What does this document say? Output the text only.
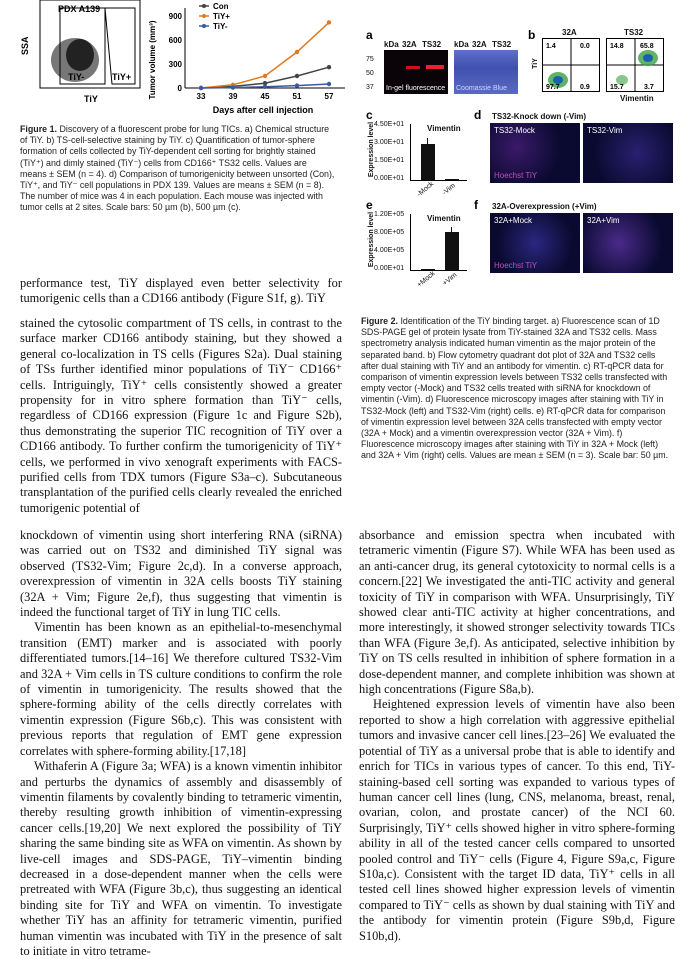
PDX A139
TiY-	TiY+
SSA
TiY	Tumor volume (mm³)	0
300
600
900
33	39	45	51	57
Con
TiY+
TiY-
Days after cell injection
Figure 1. Discovery of a fluorescent probe for lung TICs. a) Chemical structure of TiY. b) TS-cell-selective staining by TiY. c) Quantification of tumor-sphere formation of cells collected by TiY-dependent cell sorting for brightly stained (TiY⁺) and dimly stained (TiY⁻) cells from CD166⁺ TS32 cells. Values are means ± SEM (n = 4). d) Comparison of tumorigenicity between unsorted (Con), TiY⁺, and TiY⁻ cell populations in PDX 139. Values are means ± SEM (n = 8). The number of mice was 4 in each population. Each mouse was injected with tumor cells at 2 sites. Scale bars: 50 µm (b), 500 µm (c).
a
kDa 32A TS32 kDa 32A TS32
75
50
37 In-gel fluorescence Coomassie Blue
b	32A	TS32
TiY
1.4	0.0
97.7	0.9
14.8 65.8
15.7	3.7
Vimentin
c
Expression level
4.50E+01
3.00E+01
1.50E+01
0.00E+01
Vimentin
-Mock -Vim
d TS32-Knock down (-Vim)
TS32-Mock
Hoechst TiY
TS32-Vim
e
Expression level
1.20E+05
8.00E+05
4.00E+05
0.00E+01
Vimentin
+Mock +Vim
f 32A-Overexpression (+Vim)
32A+Mock
Hoechst TiY
32A+Vim
Figure 2. Identification of the TiY binding target. a) Fluorescence scan of 1D SDS-PAGE gel of protein lysate from TiY-stained 32A and TS32 cells. Mass spectrometry analysis indicated human vimentin as the major protein of the separated band. b) Flow cytometry quadrant dot plot of 32A and TS32 cells after dual staining with TiY and an antibody for vimentin. c) RT-qPCR data for comparison of vimentin expression levels between TS32 cells transfected with empty vector (-Mock) and TS32 cells treated with siRNA for knockdown of vimentin (-Vim). d) Fluorescence microscopy images after staining with TiY in TS32-Mock (left) and TS32-Vim (right) cells. e) RT-qPCR data for comparison of vimentin expression level between 32A cells transfected with empty vector (32A + Mock) and a vimentin overexpression vector (32A + Vim). f) Fluorescence microscopy images after staining with TiY in 32A + Mock (left) and 32A + Vim (right) cells. Values are mean ± SEM (n = 3). Scale bar: 50 µm.

performance test, TiY displayed even better selectivity for tumorigenic cells than a CD166 antibody (Figure S1f, g). TiY

stained the cytosolic compartment of TS cells, in contrast to the surface marker CD166 antibody staining, but they showed a general co-localization in TS cells (Figures S2a). Dual staining of TSs further identified minor populations of TiY⁻ CD166⁺ cells. Intriguingly, TiY⁺ cells consistently showed a greater propensity for in vitro sphere formation than TiY⁻ cells, regardless of CD166 expression (Figure 1c and Figure S2b), thus demonstrating the superior TIC recognition of TiY over a CD166 antibody. To further confirm the tumorigenicity of TiY⁺ cells, we performed in vivo xenograft experiments with FACS-purified cells from TDX tumors (Figure S3a–c). Subcutaneous transplantation of the purified cells clearly revealed the enriched tumorigenic potential of

knockdown of vimentin using short interfering RNA (siRNA) was carried out on TS32 and diminished TiY signal was observed (TS32-Vim; Figure 2c,d). In a converse approach, overexpression of vimentin in 32A cells boosts TiY staining (32A + Vim; Figure 2e,f), thus suggesting that vimentin is indeed the functional target of TiY in lung TIC cells.

Vimentin has been known as an epithelial-to-mesenchymal transition (EMT) marker and is associated with poorly differentiated tumors.[14–16] We therefore cultured TS32-Vim and 32A + Vim cells in TS culture conditions to confirm the role of vimentin in tumorigenicity. The results showed that the sphere-forming ability of the cells directly correlates with vimentin expression (Figure S6b,c). This was consistent with previous reports that regulation of EMT gene expression correlates with sphere-forming ability.[17,18]

Withaferin A (Figure 3a; WFA) is a known vimentin inhibitor and perturbs the dynamics of assembly and disassembly of vimentin filaments by covalently binding to tetrameric vimentin, thereby resulting growth inhibition of vimentin-expressing cancer cells.[19,20] We next explored the possibility of TiY sharing the same binding site as WFA on vimentin. As shown by live-cell images and SDS-PAGE, TiY–vimentin binding decreased in a dose-dependent manner when the cells were pretreated with WFA (Figure 3b,c), thus suggesting an identical binding site for TiY and WFA on vimentin. To investigate whether TiY has an affinity for tetrameric vimentin, purified human vimentin was incubated with TiY in the presence of salt to initiate in vitro tetrame-

absorbance and emission spectra when incubated with tetrameric vimentin (Figure S7). While WFA has been used as an anti-cancer drug, its general cytotoxicity to normal cells is a concern.[22] We investigated the anti-TIC activity and general toxicity of TiY in comparison with WFA. Unsurprisingly, TiY showed clear anti-TIC activity at higher concentrations, and more interestingly, it showed stronger selectivity towards TICs than WFA (Figure 3e,f). As anticipated, selective inhibition by TiY on TS cells resulted in inhibition of sphere formation in a dose-dependent manner, and complete inhibition was shown at high concentrations (Figure S8a,b).

Heightened expression levels of vimentin have also been reported to show a high correlation with aggressive epithelial tumors and invasive cancer cell lines.[23–26] We evaluated the potential of TiY as a universal probe that is able to identify and enrich for TICs in various types of cancer. To this end, TiY-staining-based cell sorting was expanded to various types of human cancer cell lines (lung, CNS, melanoma, breast, renal, ovarian, colon, and prostate cancer) of the NCI 60. Surprisingly, TiY⁺ cells showed higher in vitro sphere-forming ability in all of the tested cancer cells compared to unsorted pooled control and TiY⁻ cells (Figure 4, Figure S9a,c, Figure S10a,c). Consistent with the target ID data, TiY⁺ cells in all tested cell lines showed higher expression levels of vimentin compared to TiY⁻ cells as shown by dual staining with TiY and the antibody for vimentin protein (Figure S9b,d, Figure S10b,d).
